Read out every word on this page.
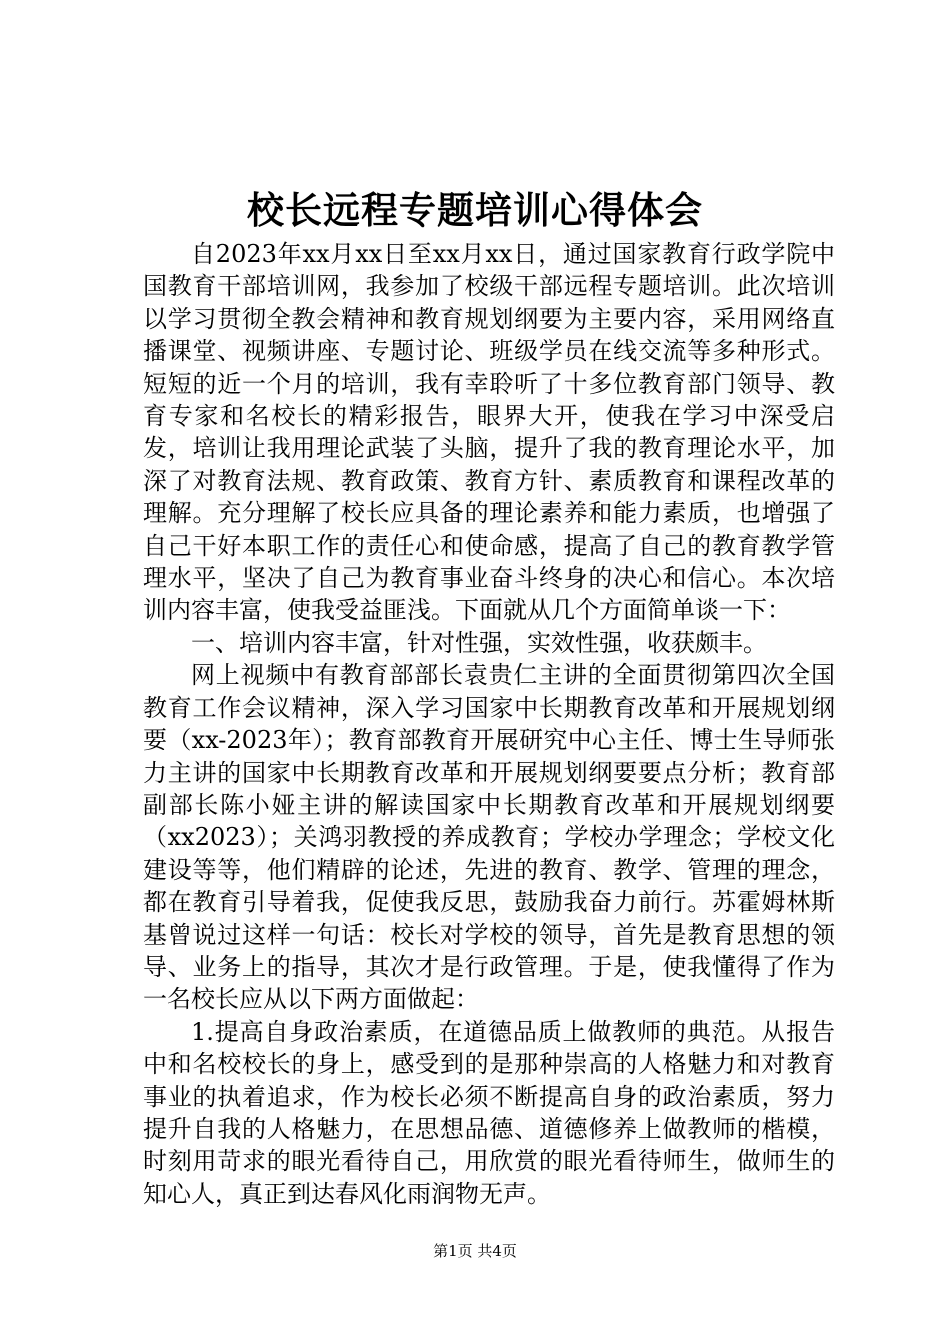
校长远程专题培训心得体会

自2023年xx月xx日至xx月xx日，通过国家教育行政学院中国教育干部培训网，我参加了校级干部远程专题培训。此次培训以学习贯彻全教会精神和教育规划纲要为主要内容，采用网络直播课堂、视频讲座、专题讨论、班级学员在线交流等多种形式。短短的近一个月的培训，我有幸聆听了十多位教育部门领导、教育专家和名校长的精彩报告，眼界大开，使我在学习中深受启发，培训让我用理论武装了头脑，提升了我的教育理论水平，加深了对教育法规、教育政策、教育方针、素质教育和课程改革的理解。充分理解了校长应具备的理论素养和能力素质，也增强了自己干好本职工作的责任心和使命感，提高了自己的教育教学管理水平，坚决了自己为教育事业奋斗终身的决心和信心。本次培训内容丰富，使我受益匪浅。下面就从几个方面简单谈一下：

一、培训内容丰富，针对性强，实效性强，收获颇丰。

网上视频中有教育部部长袁贵仁主讲的全面贯彻第四次全国教育工作会议精神，深入学习国家中长期教育改革和开展规划纲要（xx-2023年）；教育部教育开展研究中心主任、博士生导师张力主讲的国家中长期教育改革和开展规划纲要要点分析；教育部副部长陈小娅主讲的解读国家中长期教育改革和开展规划纲要（xx2023）；关鸿羽教授的养成教育；学校办学理念；学校文化建设等等，他们精辟的论述，先进的教育、教学、管理的理念，都在教育引导着我，促使我反思，鼓励我奋力前行。苏霍姆林斯基曾说过这样一句话：校长对学校的领导，首先是教育思想的领导、业务上的指导，其次才是行政管理。于是，使我懂得了作为一名校长应从以下两方面做起：

1.提高自身政治素质，在道德品质上做教师的典范。从报告中和名校校长的身上，感受到的是那种崇高的人格魅力和对教育事业的执着追求，作为校长必须不断提高自身的政治素质，努力提升自我的人格魅力，在思想品德、道德修养上做教师的楷模，时刻用苛求的眼光看待自己，用欣赏的眼光看待师生，做师生的知心人，真正到达春风化雨润物无声。

第1页 共4页
